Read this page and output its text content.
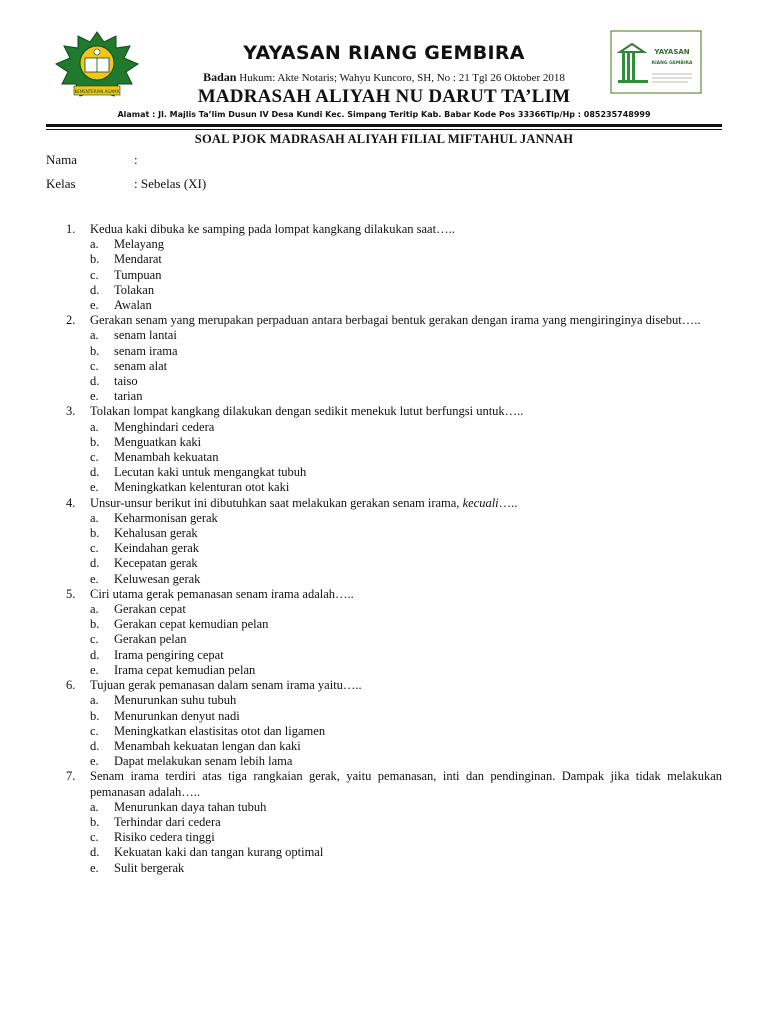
KEMENTERIAN AGAMA
YAYASAN
RIANG GEMBIRA
YAYASAN RIANG GEMBIRA
Badan Hukum: Akte Notaris; Wahyu Kuncoro, SH, No : 21 Tgl 26 Oktober 2018
MADRASAH ALIYAH NU DARUT TA’LIM
Alamat : Jl. Majlis Ta’lim Dusun IV Desa Kundi Kec. Simpang Teritip Kab. Babar Kode Pos 33366Tlp/Hp : 085235748999
SOAL PJOK MADRASAH ALIYAH FILIAL MIFTAHUL JANNAH
Nama	:
Kelas	: Sebelas (XI)
1. Kedua kaki dibuka ke samping pada lompat kangkang dilakukan saat…..
a. Melayang
b. Mendarat
c. Tumpuan
d. Tolakan
e. Awalan
2. Gerakan senam yang merupakan perpaduan antara berbagai bentuk gerakan dengan irama yang mengiringinya disebut…..
a. senam lantai
b. senam irama
c. senam alat
d. taiso
e. tarian
3. Tolakan lompat kangkang dilakukan dengan sedikit menekuk lutut berfungsi untuk…..
a. Menghindari cedera
b. Menguatkan kaki
c. Menambah kekuatan
d. Lecutan kaki untuk mengangkat tubuh
e. Meningkatkan kelenturan otot kaki
4. Unsur-unsur berikut ini dibutuhkan saat melakukan gerakan senam irama, kecuali…..
a. Keharmonisan gerak
b. Kehalusan gerak
c. Keindahan gerak
d. Kecepatan gerak
e. Keluwesan gerak
5. Ciri utama gerak pemanasan senam irama adalah…..
a. Gerakan cepat
b. Gerakan cepat kemudian pelan
c. Gerakan pelan
d. Irama pengiring cepat
e. Irama cepat kemudian pelan
6. Tujuan gerak pemanasan dalam senam irama yaitu…..
a. Menurunkan suhu tubuh
b. Menurunkan denyut nadi
c. Meningkatkan elastisitas otot dan ligamen
d. Menambah kekuatan lengan dan kaki
e. Dapat melakukan senam lebih lama
7. Senam irama terdiri atas tiga rangkaian gerak, yaitu pemanasan, inti dan pendinginan. Dampak jika tidak melakukan pemanasan adalah…..
a. Menurunkan daya tahan tubuh
b. Terhindar dari cedera
c. Risiko cedera tinggi
d. Kekuatan kaki dan tangan kurang optimal
e. Sulit bergerak
